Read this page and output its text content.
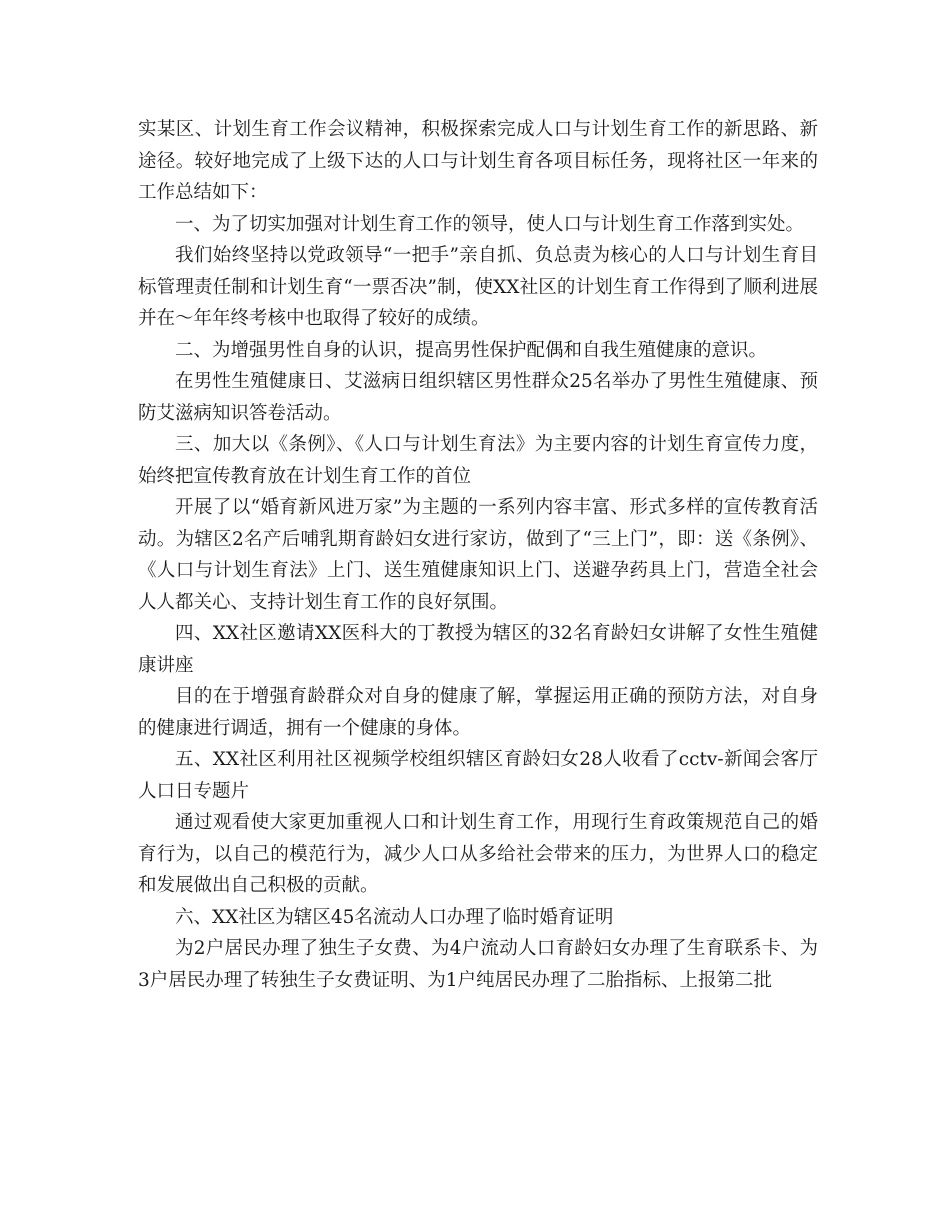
实某区、计划生育工作会议精神，积极探索完成人口与计划生育工作的新思路、新途径。较好地完成了上级下达的人口与计划生育各项目标任务，现将社区一年来的工作总结如下：

一、为了切实加强对计划生育工作的领导，使人口与计划生育工作落到实处。

我们始终坚持以党政领导“一把手”亲自抓、负总责为核心的人口与计划生育目标管理责任制和计划生育“一票否决”制，使XX社区的计划生育工作得到了顺利进展并在～年年终考核中也取得了较好的成绩。

二、为增强男性自身的认识，提高男性保护配偶和自我生殖健康的意识。

在男性生殖健康日、艾滋病日组织辖区男性群众25名举办了男性生殖健康、预防艾滋病知识答卷活动。

三、加大以《条例》、《人口与计划生育法》为主要内容的计划生育宣传力度，始终把宣传教育放在计划生育工作的首位

开展了以“婚育新风进万家”为主题的一系列内容丰富、形式多样的宣传教育活动。为辖区2名产后哺乳期育龄妇女进行家访，做到了“三上门”，即：送《条例》、《人口与计划生育法》上门、送生殖健康知识上门、送避孕药具上门，营造全社会人人都关心、支持计划生育工作的良好氛围。

四、XX社区邀请XX医科大的丁教授为辖区的32名育龄妇女讲解了女性生殖健康讲座

目的在于增强育龄群众对自身的健康了解，掌握运用正确的预防方法，对自身的健康进行调适，拥有一个健康的身体。

五、XX社区利用社区视频学校组织辖区育龄妇女28人收看了cctv-新闻会客厅人口日专题片

通过观看使大家更加重视人口和计划生育工作，用现行生育政策规范自己的婚育行为，以自己的模范行为，减少人口从多给社会带来的压力，为世界人口的稳定和发展做出自己积极的贡献。

六、XX社区为辖区45名流动人口办理了临时婚育证明

为2户居民办理了独生子女费、为4户流动人口育龄妇女办理了生育联系卡、为3户居民办理了转独生子女费证明、为1户纯居民办理了二胎指标、上报第二批
